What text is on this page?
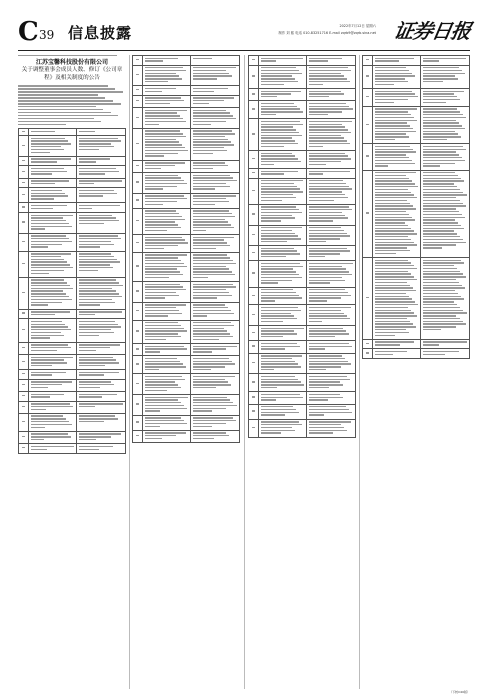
C 39 信息披露	2022年7月12日 星期六
制作 刘 熙 电话 010-83251716 E-mail zqrb9@zqrb.sina.net 证券日报
江苏宝馨科技股份有限公司
关于调整董事会成员人数、修订《公司章程》及相关制度的公告
（下转C40版）
